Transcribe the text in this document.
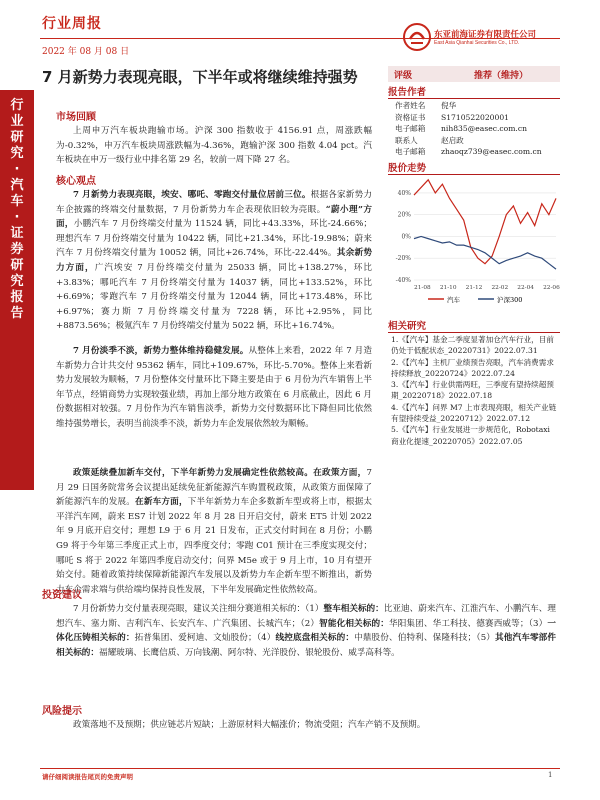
行业周报
2022 年 08 月 08 日
东亚前海证券有限责任公司
East Asia Qianhai Securities Co., LTD.
行
业
研
究
·
汽
车
·
证
券
研
究
报
告
7 月新势力表现亮眼，下半年或将继续维持强势	评级	推荐（维持）
报告作者
作者姓名 倪华
资格证书 S1710522020001
电子邮箱 nih835@easec.com.cn
联系人	赵启政
电子邮箱 zhaoqz739@easec.com.cn
股价走势
40%
20%
0%
-20%
-40%
21-08 21-10 21-12 22-02 22-04 22-06
汽车	沪深300
相关研究
1.《【汽车】基金二季度显著加仓汽车行业，目前仍处于低配状态_20220731》2022.07.31
2.《【汽车】主机厂业绩预告亮眼，汽车消费需求持续释放_20220724》2022.07.24
3.《【汽车】行业供需两旺，三季度有望持续超预期_20220718》2022.07.18
4.《【汽车】问界 M7 上市表现亮眼，相关产业链有望持续受益_20220712》2022.07.12
5.《【汽车】行业发展进一步规范化，Robotaxi 商业化提速_20220705》2022.07.05
市场回顾
上周申万汽车板块跑输市场。沪深 300 指数收于 4156.91 点，周涨跌幅为-0.32%，申万汽车板块周涨跌幅为-4.36%，跑输沪深 300 指数 4.04 pct。汽车板块在申万一级行业中排名第 29 名，较前一周下降 27 名。
核心观点
7 月新势力表现亮眼，埃安、哪吒、零跑交付量位居前三位。根据各家新势力车企披露的终端交付量数据，7 月份新势力车企表现依旧较为亮眼。“蔚小理”方面，小鹏汽车 7 月份终端交付量为 11524 辆，同比+43.33%，环比-24.66%；理想汽车 7 月份终端交付量为 10422 辆，同比+21.34%，环比-19.98%；蔚来汽车 7 月份终端交付量为 10052 辆，同比+26.74%，环比-22.44%。其余新势力方面，广汽埃安 7 月份终端交付量为 25033 辆，同比+138.27%，环比+3.83%；哪吒汽车 7 月份终端交付量为 14037 辆，同比+133.52%，环比+6.69%；零跑汽车 7 月份终端交付量为 12044 辆，同比+173.48%，环比+6.97%；赛力斯 7 月份终端交付量为 7228 辆，环比+2.95%，同比+8873.56%；极氪汽车 7 月份终端交付量为 5022 辆，环比+16.74%。
7 月份淡季不淡，新势力整体维持稳健发展。从整体上来看，2022 年 7 月造车新势力合计共交付 95362 辆车，同比+109.67%，环比-5.70%。整体上来看新势力发展较为顺畅，7 月份整体交付量环比下降主要是由于 6 月份为汽车销售上半年节点，经销商势力实现较强业绩，再加上部分地方政策在 6 月底截止，因此 6 月份数据相对较强。7 月份作为汽车销售淡季，新势力交付数据环比下降但同比依然维持强势增长，表明当前淡季不淡，新势力车企发展依然较为顺畅。
政策延续叠加新车交付，下半年新势力发展确定性依然较高。在政策方面，7 月 29 日国务院常务会议提出延续免征新能源汽车购置税政策，从政策方面保障了新能源汽车的发展。在新车方面，下半年新势力车企多数新车型或将上市，根据太平洋汽车网，蔚来 ES7 计划 2022 年 8 月 28 日开启交付，蔚来 ET5 计划 2022 年 9 月底开启交付；理想 L9 于 6 月 21 日发布，正式交付时间在 8 月份；小鹏 G9 将于今年第三季度正式上市，四季度交付；零跑 C01 预计在三季度实现交付；哪吒 S 将于 2022 年第四季度启动交付；问界 M5e 或于 9 月上市，10 月有望开始交付。随着政策持续保障新能源汽车发展以及新势力车企新车型不断推出，新势力车企需求端与供给端均保持良性发展，下半年发展确定性依然较高。
投资建议
7 月份新势力交付量表现亮眼，建议关注细分赛道相关标的：（1）整车相关标的：比亚迪、蔚来汽车、江淮汽车、小鹏汽车、理想汽车、塞力斯、吉利汽车、长安汽车、广汽集团、长城汽车；（2）智能化相关标的：华阳集团、华工科技、德赛西威等；（3）一体化压铸相关标的：拓普集团、爱柯迪、文灿股份；（4）线控底盘相关标的：中鼎股份、伯特利、保隆科技；（5）其他汽车零部件相关标的：福耀玻璃、长鹰信质、万向钱潮、阿尔特、光洋股份、银轮股份、威孚高科等。
风险提示
政策落地不及预期；供应链芯片短缺；上游原材料大幅涨价；物流受阻；汽车产销不及预期。
请仔细阅读报告尾页的免责声明	1
